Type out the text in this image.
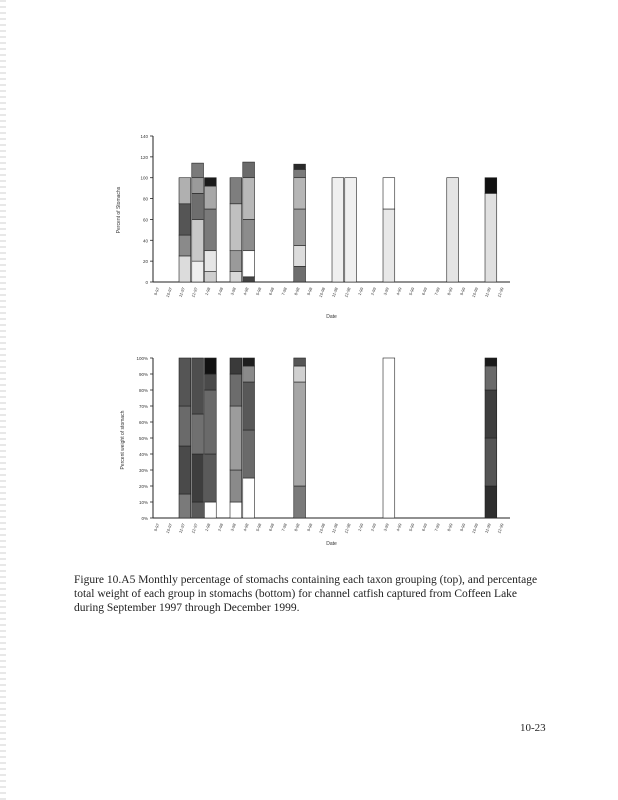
0
20
40
60
80
100
120
140
Percent of Stomachs
Date
9-97 10-97 11-97 12-97 1-98 2-98 3-98 4-98 5-98 6-98 7-98 8-98 9-98 10-98 11-98 12-98 1-99 2-99 3-99 4-99 5-99 6-99 7-99 8-99 9-99 10-99 11-99 12-99
0%
10%
20%
30%
40%
50%
60%
70%
80%
90%
100%
Percent weight of stomach
Date
9-97 10-97 11-97 12-97 1-98 2-98 3-98 4-98 5-98 6-98 7-98 8-98 9-98 10-98 11-98 12-98 1-99 2-99 3-99 4-99 5-99 6-99 7-99 8-99 9-99 10-99 11-99 12-99
Figure 10.A5 Monthly percentage of stomachs containing each taxon grouping (top), and percentage total weight of each group in stomachs (bottom) for channel catfish captured from Coffeen Lake during September 1997 through December 1999.
10-23
